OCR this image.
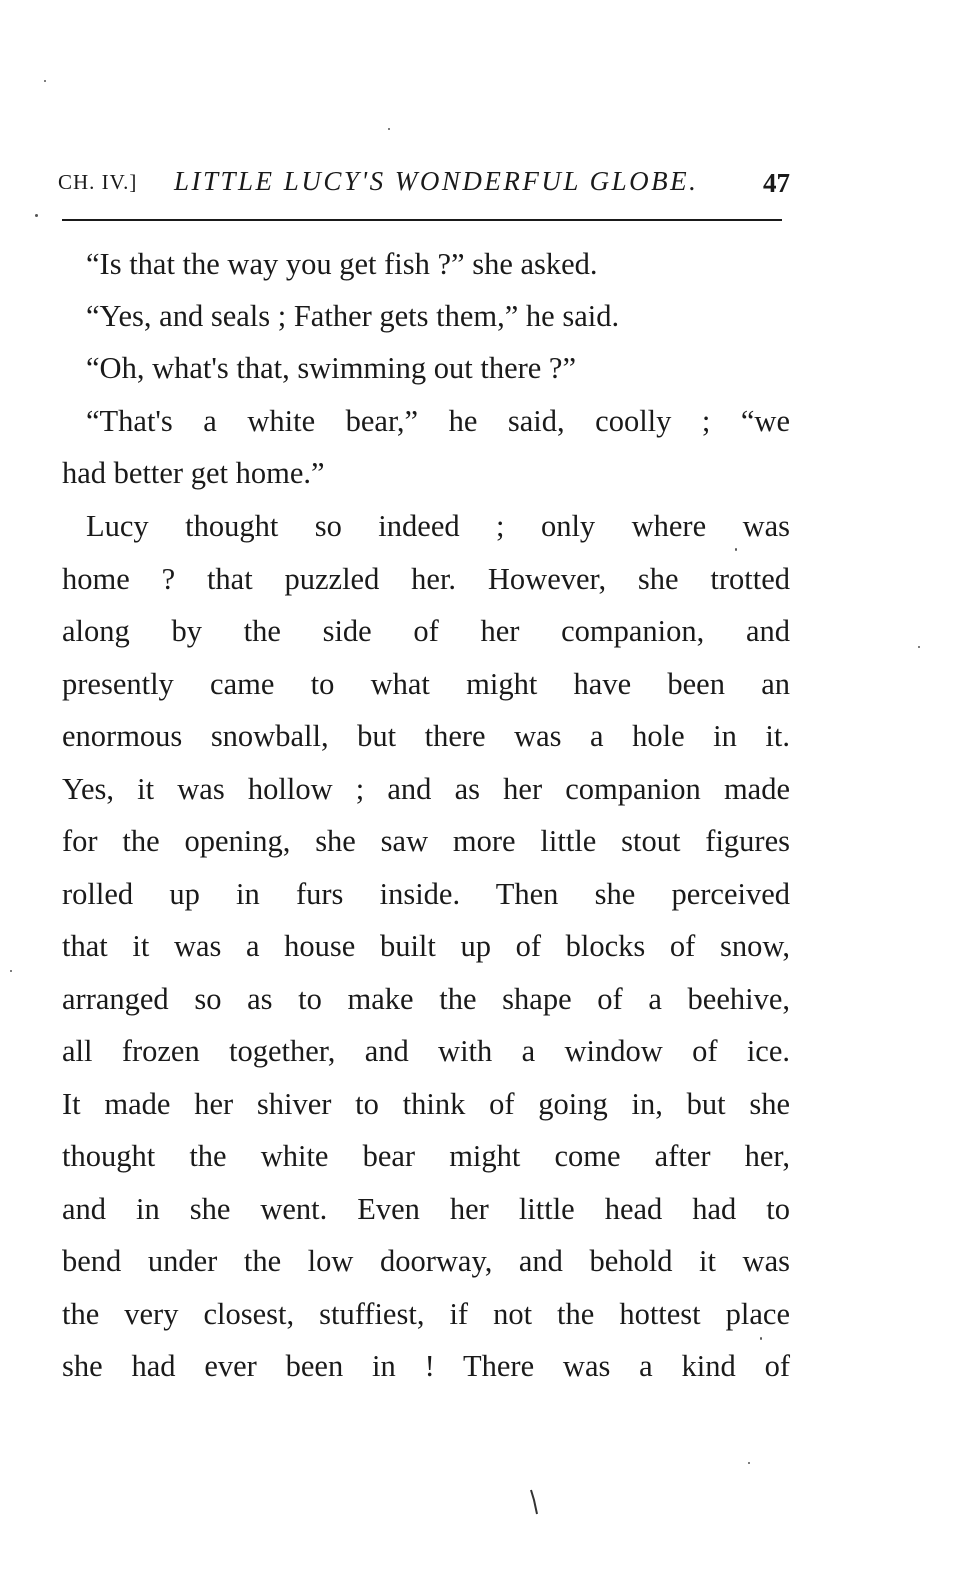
CH. IV.] LITTLE LUCY'S WONDERFUL GLOBE. 47
“Is that the way you get fish ?” she asked.
“Yes, and seals ; Father gets them,” he said.
“Oh, what's that, swimming out there ?”
“That's a white bear,” he said, coolly ; “we
had better get home.”
Lucy thought so indeed ; only where was
home ? that puzzled her. However, she trotted
along by the side of her companion, and
presently came to what might have been an
enormous snowball, but there was a hole in it.
Yes, it was hollow ; and as her companion made
for the opening, she saw more little stout figures
rolled up in furs inside. Then she perceived
that it was a house built up of blocks of snow,
arranged so as to make the shape of a beehive,
all frozen together, and with a window of ice.
It made her shiver to think of going in, but she
thought the white bear might come after her,
and in she went. Even her little head had to
bend under the low doorway, and behold it was
the very closest, stuffiest, if not the hottest place
she had ever been in ! There was a kind of
